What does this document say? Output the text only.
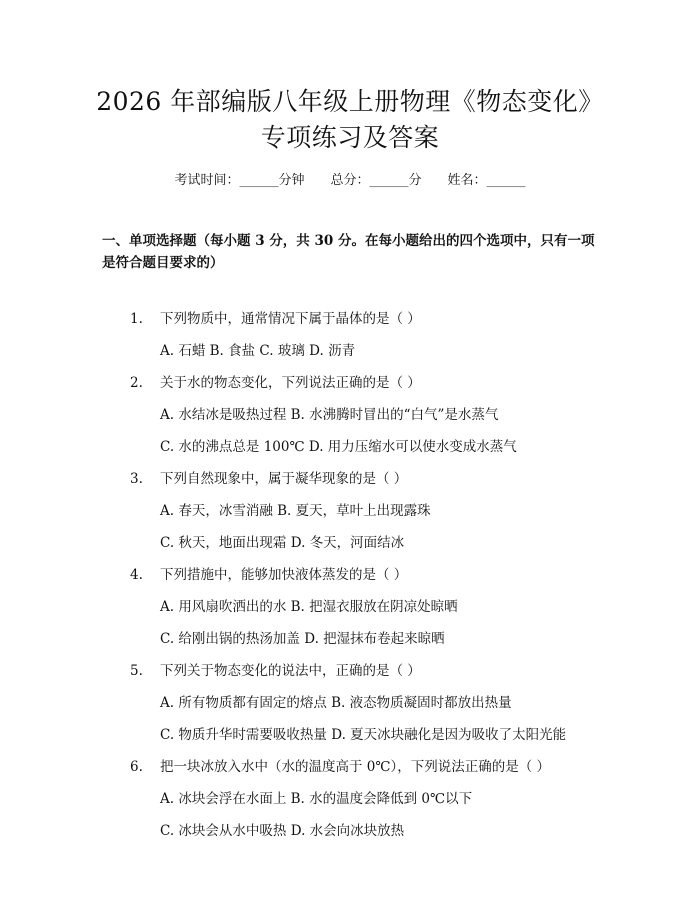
2026 年部编版八年级上册物理《物态变化》
专项练习及答案
考试时间：______分钟　　总分：______分　　姓名：______

一、单项选择题（每小题 3 分，共 30 分。在每小题给出的四个选项中，只有一项是符合题目要求的）

1. 下列物质中，通常情况下属于晶体的是（ ）
A. 石蜡 B. 食盐 C. 玻璃 D. 沥青
2. 关于水的物态变化，下列说法正确的是（ ）
A. 水结冰是吸热过程 B. 水沸腾时冒出的“白气”是水蒸气
C. 水的沸点总是 100℃ D. 用力压缩水可以使水变成水蒸气
3. 下列自然现象中，属于凝华现象的是（ ）
A. 春天，冰雪消融 B. 夏天，草叶上出现露珠
C. 秋天，地面出现霜 D. 冬天，河面结冰
4. 下列措施中，能够加快液体蒸发的是（ ）
A. 用风扇吹洒出的水 B. 把湿衣服放在阴凉处晾晒
C. 给刚出锅的热汤加盖 D. 把湿抹布卷起来晾晒
5. 下列关于物态变化的说法中，正确的是（ ）
A. 所有物质都有固定的熔点 B. 液态物质凝固时都放出热量
C. 物质升华时需要吸收热量 D. 夏天冰块融化是因为吸收了太阳光能
6. 把一块冰放入水中（水的温度高于 0℃），下列说法正确的是（ ）
A. 冰块会浮在水面上 B. 水的温度会降低到 0℃以下
C. 冰块会从水中吸热 D. 水会向冰块放热
